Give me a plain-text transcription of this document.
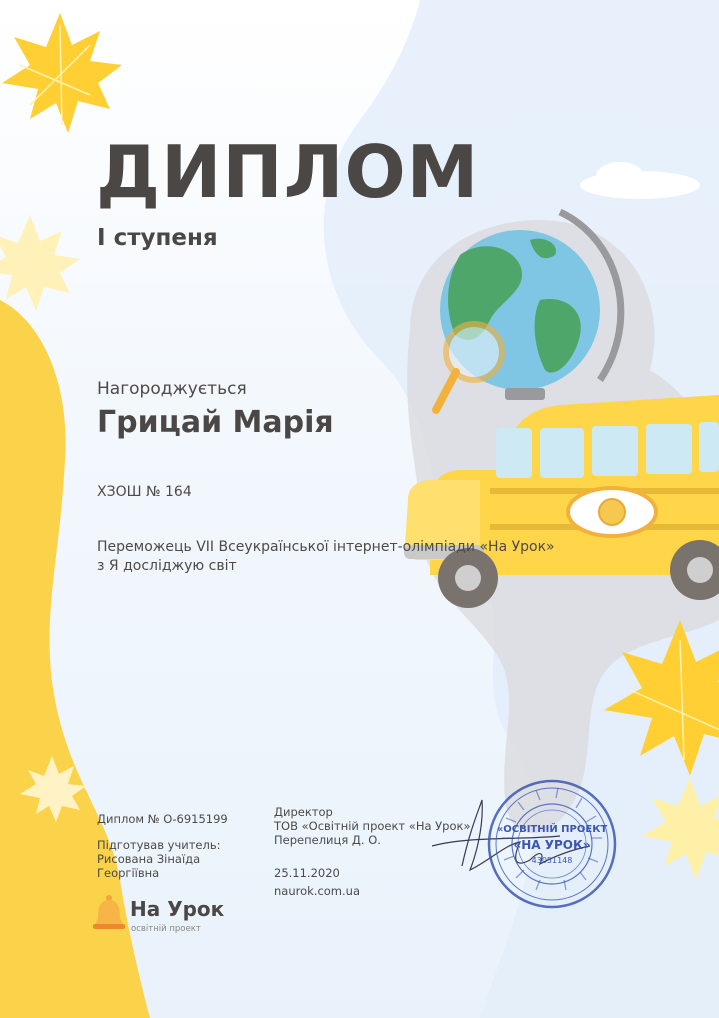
ДИПЛОМ
І ступеня
Нагороджується
Грицай Марія
ХЗОШ № 164
Переможець VII Всеукраїнської інтернет-олімпіади «На Урок»
з Я досліджую світ
Диплом № О-6915199
Підготував учитель:
Рисована Зінаїда
Георгіївна
Директор
ТОВ «Освітній проект «На Урок»
Перепелиця Д. О.
25.11.2020
naurok.com.ua
На Урок
освітній проект
«ОСВІТНІЙ ПРОЕКТ
«НА УРОК»
43051148
